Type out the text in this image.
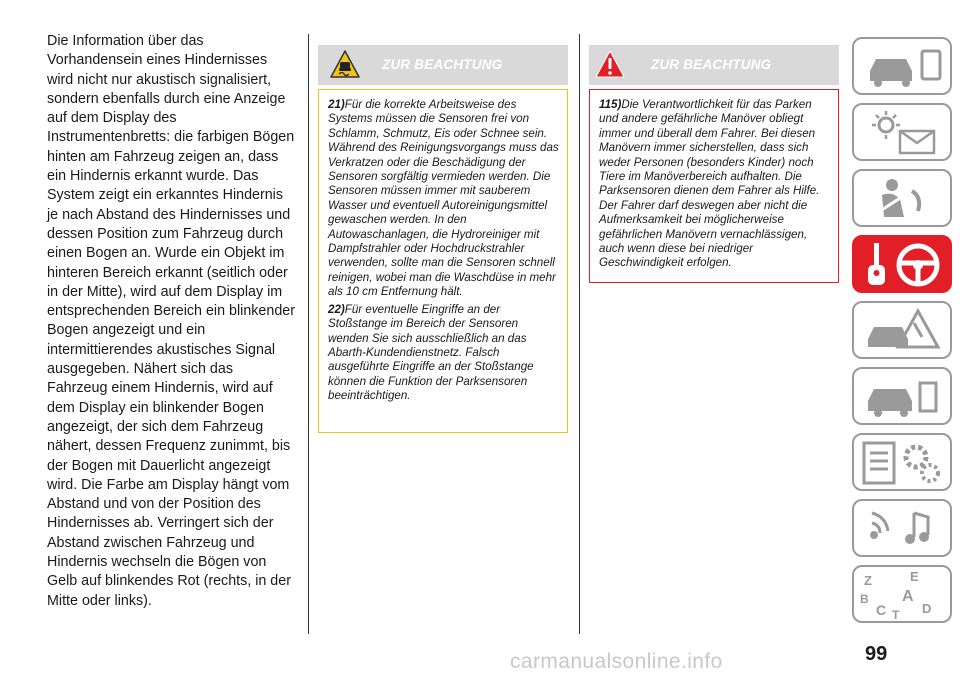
Die Information über das Vorhandensein eines Hindernisses wird nicht nur akustisch signalisiert, sondern ebenfalls durch eine Anzeige auf dem Display des Instrumentenbretts: die farbigen Bögen hinten am Fahrzeug zeigen an, dass ein Hindernis erkannt wurde. Das System zeigt ein erkanntes Hindernis je nach Abstand des Hindernisses und dessen Position zum Fahrzeug durch einen Bogen an. Wurde ein Objekt im hinteren Bereich erkannt (seitlich oder in der Mitte), wird auf dem Display im entsprechenden Bereich ein blinkender Bogen angezeigt und ein intermittierendes akustisches Signal ausgegeben. Nähert sich das Fahrzeug einem Hindernis, wird auf dem Display ein blinkender Bogen angezeigt, der sich dem Fahrzeug nähert, dessen Frequenz zunimmt, bis der Bogen mit Dauerlicht angezeigt wird. Die Farbe am Display hängt vom Abstand und von der Position des Hindernisses ab. Verringert sich der Abstand zwischen Fahrzeug und Hindernis wechseln die Bögen von Gelb auf blinkendes Rot (rechts, in der Mitte oder links).

ZUR BEACHTUNG

21)Für die korrekte Arbeitsweise des Systems müssen die Sensoren frei von Schlamm, Schmutz, Eis oder Schnee sein. Während des Reinigungsvorgangs muss das Verkratzen oder die Beschädigung der Sensoren sorgfältig vermieden werden. Die Sensoren müssen immer mit sauberem Wasser und eventuell Autoreinigungsmittel gewaschen werden. In den Autowaschanlagen, die Hydroreiniger mit Dampfstrahler oder Hochdruckstrahler verwenden, sollte man die Sensoren schnell reinigen, wobei man die Waschdüse in mehr als 10 cm Entfernung hält.

22)Für eventuelle Eingriffe an der Stoßstange im Bereich der Sensoren wenden Sie sich ausschließlich an das Abarth-Kundendienstnetz. Falsch ausgeführte Eingriffe an der Stoßstange können die Funktion der Parksensoren beeinträchtigen.

ZUR BEACHTUNG

115)Die Verantwortlichkeit für das Parken und andere gefährliche Manöver obliegt immer und überall dem Fahrer. Bei diesen Manövern immer sicherstellen, dass sich weder Personen (besonders Kinder) noch Tiere im Manöverbereich aufhalten. Die Parksensoren dienen dem Fahrer als Hilfe. Der Fahrer darf deswegen aber nicht die Aufmerksamkeit bei möglicherweise gefährlichen Manövern vernachlässigen, auch wenn diese bei niedriger Geschwindigkeit erfolgen.

Z	E
B
C
A
T D
99
carmanualsonline.info
